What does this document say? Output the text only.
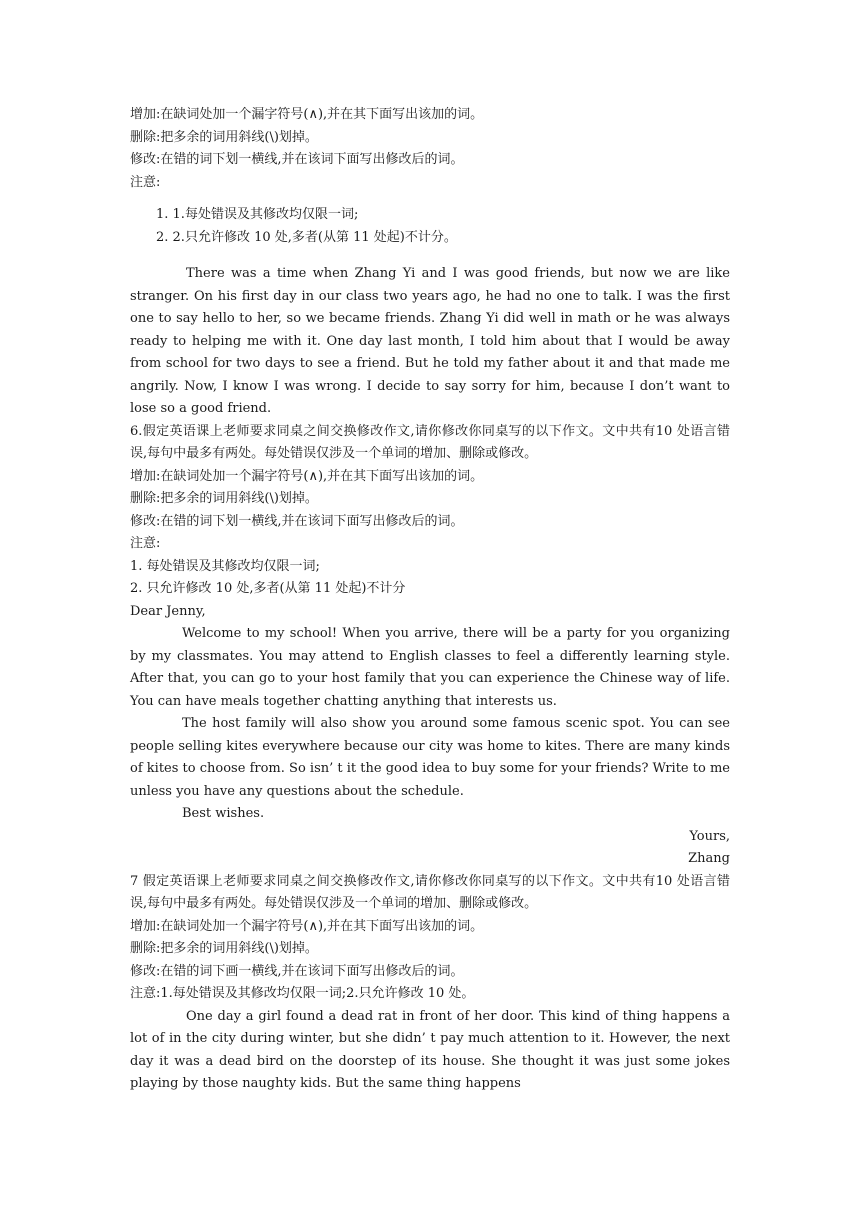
增加:在缺词处加一个漏字符号(∧),并在其下面写出该加的词。

删除:把多余的词用斜线(\)划掉。

修改:在错的词下划一横线,并在该词下面写出修改后的词。

注意:

1. 1.每处错误及其修改均仅限一词;

2. 2.只允许修改 10 处,多者(从第 11 处起)不计分。

There was a time when Zhang Yi and I was good friends, but now we are like stranger. On his first day in our class two years ago, he had no one to talk. I was the first one to say hello to her, so we became friends. Zhang Yi did well in math or he was always ready to helping me with it. One day last month, I told him about that I would be away from school for two days to see a friend. But he told my father about it and that made me angrily. Now, I know I was wrong. I decide to say sorry for him, because I don’t want to lose so a good friend.

6.假定英语课上老师要求同桌之间交换修改作文,请你修改你同桌写的以下作文。文中共有10 处语言错误,每句中最多有两处。每处错误仅涉及一个单词的增加、删除或修改。

增加:在缺词处加一个漏字符号(∧),并在其下面写出该加的词。

删除:把多余的词用斜线(\)划掉。

修改:在错的词下划一横线,并在该词下面写出修改后的词。

注意:

1. 每处错误及其修改均仅限一词;

2. 只允许修改 10 处,多者(从第 11 处起)不计分

Dear Jenny,

Welcome to my school! When you arrive, there will be a party for you organizing by my classmates. You may attend to English classes to feel a differently learning style. After that, you can go to your host family that you can experience the Chinese way of life. You can have meals together chatting anything that interests us.

The host family will also show you around some famous scenic spot. You can see people selling kites everywhere because our city was home to kites. There are many kinds of kites to choose from. So isn’ t it the good idea to buy some for your friends? Write to me unless you have any questions about the schedule.

Best wishes.

Yours,

Zhang

7 假定英语课上老师要求同桌之间交换修改作文,请你修改你同桌写的以下作文。文中共有10 处语言错误,每句中最多有两处。每处错误仅涉及一个单词的增加、删除或修改。

增加:在缺词处加一个漏字符号(∧),并在其下面写出该加的词。

删除:把多余的词用斜线(\)划掉。

修改:在错的词下画一横线,并在该词下面写出修改后的词。

注意:1.每处错误及其修改均仅限一词;2.只允许修改 10 处。

One day a girl found a dead rat in front of her door. This kind of thing happens a lot of in the city during winter, but she didn’ t pay much attention to it. However, the next day it was a dead bird on the doorstep of its house. She thought it was just some jokes playing by those naughty kids. But the same thing happens
